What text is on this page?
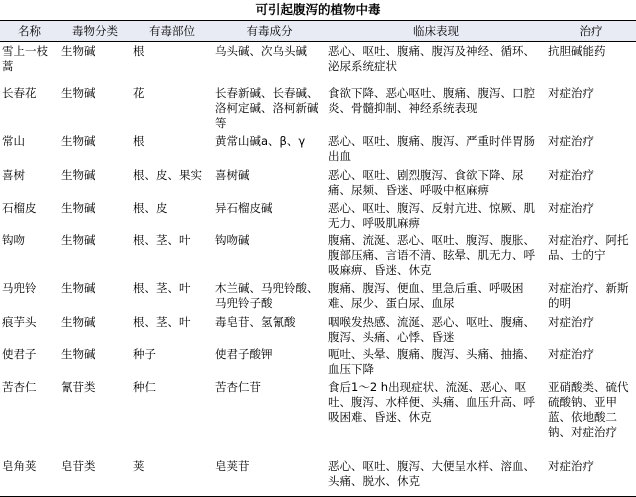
可引起腹泻的植物中毒
名称	毒物分类	有毒部位	有毒成分	临床表现	治疗
雪上一枝蒿	生物碱	根	乌头碱、次乌头碱	恶心、呕吐、腹痛、腹泻及神经、循环、泌尿系统症状	抗胆碱能药
长春花	生物碱	花	长春新碱、长春碱、洛柯定碱、洛柯新碱等	食欲下降、恶心呕吐、腹痛、腹泻、口腔炎、骨髓抑制、神经系统表现	对症治疗
常山	生物碱	根	黄常山碱a、β、γ	恶心、呕吐、腹痛、腹泻、严重时伴胃肠出血	对症治疗
喜树	生物碱	根、皮、果实	喜树碱	恶心、呕吐、剧烈腹泻、食欲下降、尿痛、尿频、昏迷、呼吸中枢麻痹	对症治疗
石榴皮	生物碱	根、皮	异石榴皮碱	恶心、呕吐、腹泻、反射亢进、惊厥、肌无力、呼吸肌麻痹	对症治疗
钩吻	生物碱	根、茎、叶	钩吻碱	腹痛、流涎、恶心、呕吐、腹泻、腹胀、腹部压痛、言语不清、眩晕、肌无力、呼吸麻痹、昏迷、休克	对症治疗、阿托品、士的宁
马兜铃	生物碱	根、茎、叶	木兰碱、马兜铃酸、马兜铃子酸	腹痛、腹泻、便血、里急后重、呼吸困难、尿少、蛋白尿、血尿	对症治疗、新斯的明
痕芋头	生物碱	根、茎、叶	毒皂苷、氢氰酸	咽喉发热感、流涎、恶心、呕吐、腹痛、腹泻、头痛、心悸、昏迷	对症治疗
使君子	生物碱	种子	使君子酸钾	呃吐、头晕、腹痛、腹泻、头痛、抽搐、血压下降	对症治疗
苦杏仁	氰苷类	种仁	苦杏仁苷	食后1～2 h出现症状、流涎、恶心、呕吐、腹泻、水样便、头痛、血压升高、呼吸困难、昏迷、休克	亚硝酸类、硫代硫酸钠、亚甲蓝、依地酸二钠、对症治疗
皂角荚	皂苷类	荚	皂荚苷	恶心、呕吐、腹泻、大便呈水样、溶血、头痛、脱水、休克	对症治疗
